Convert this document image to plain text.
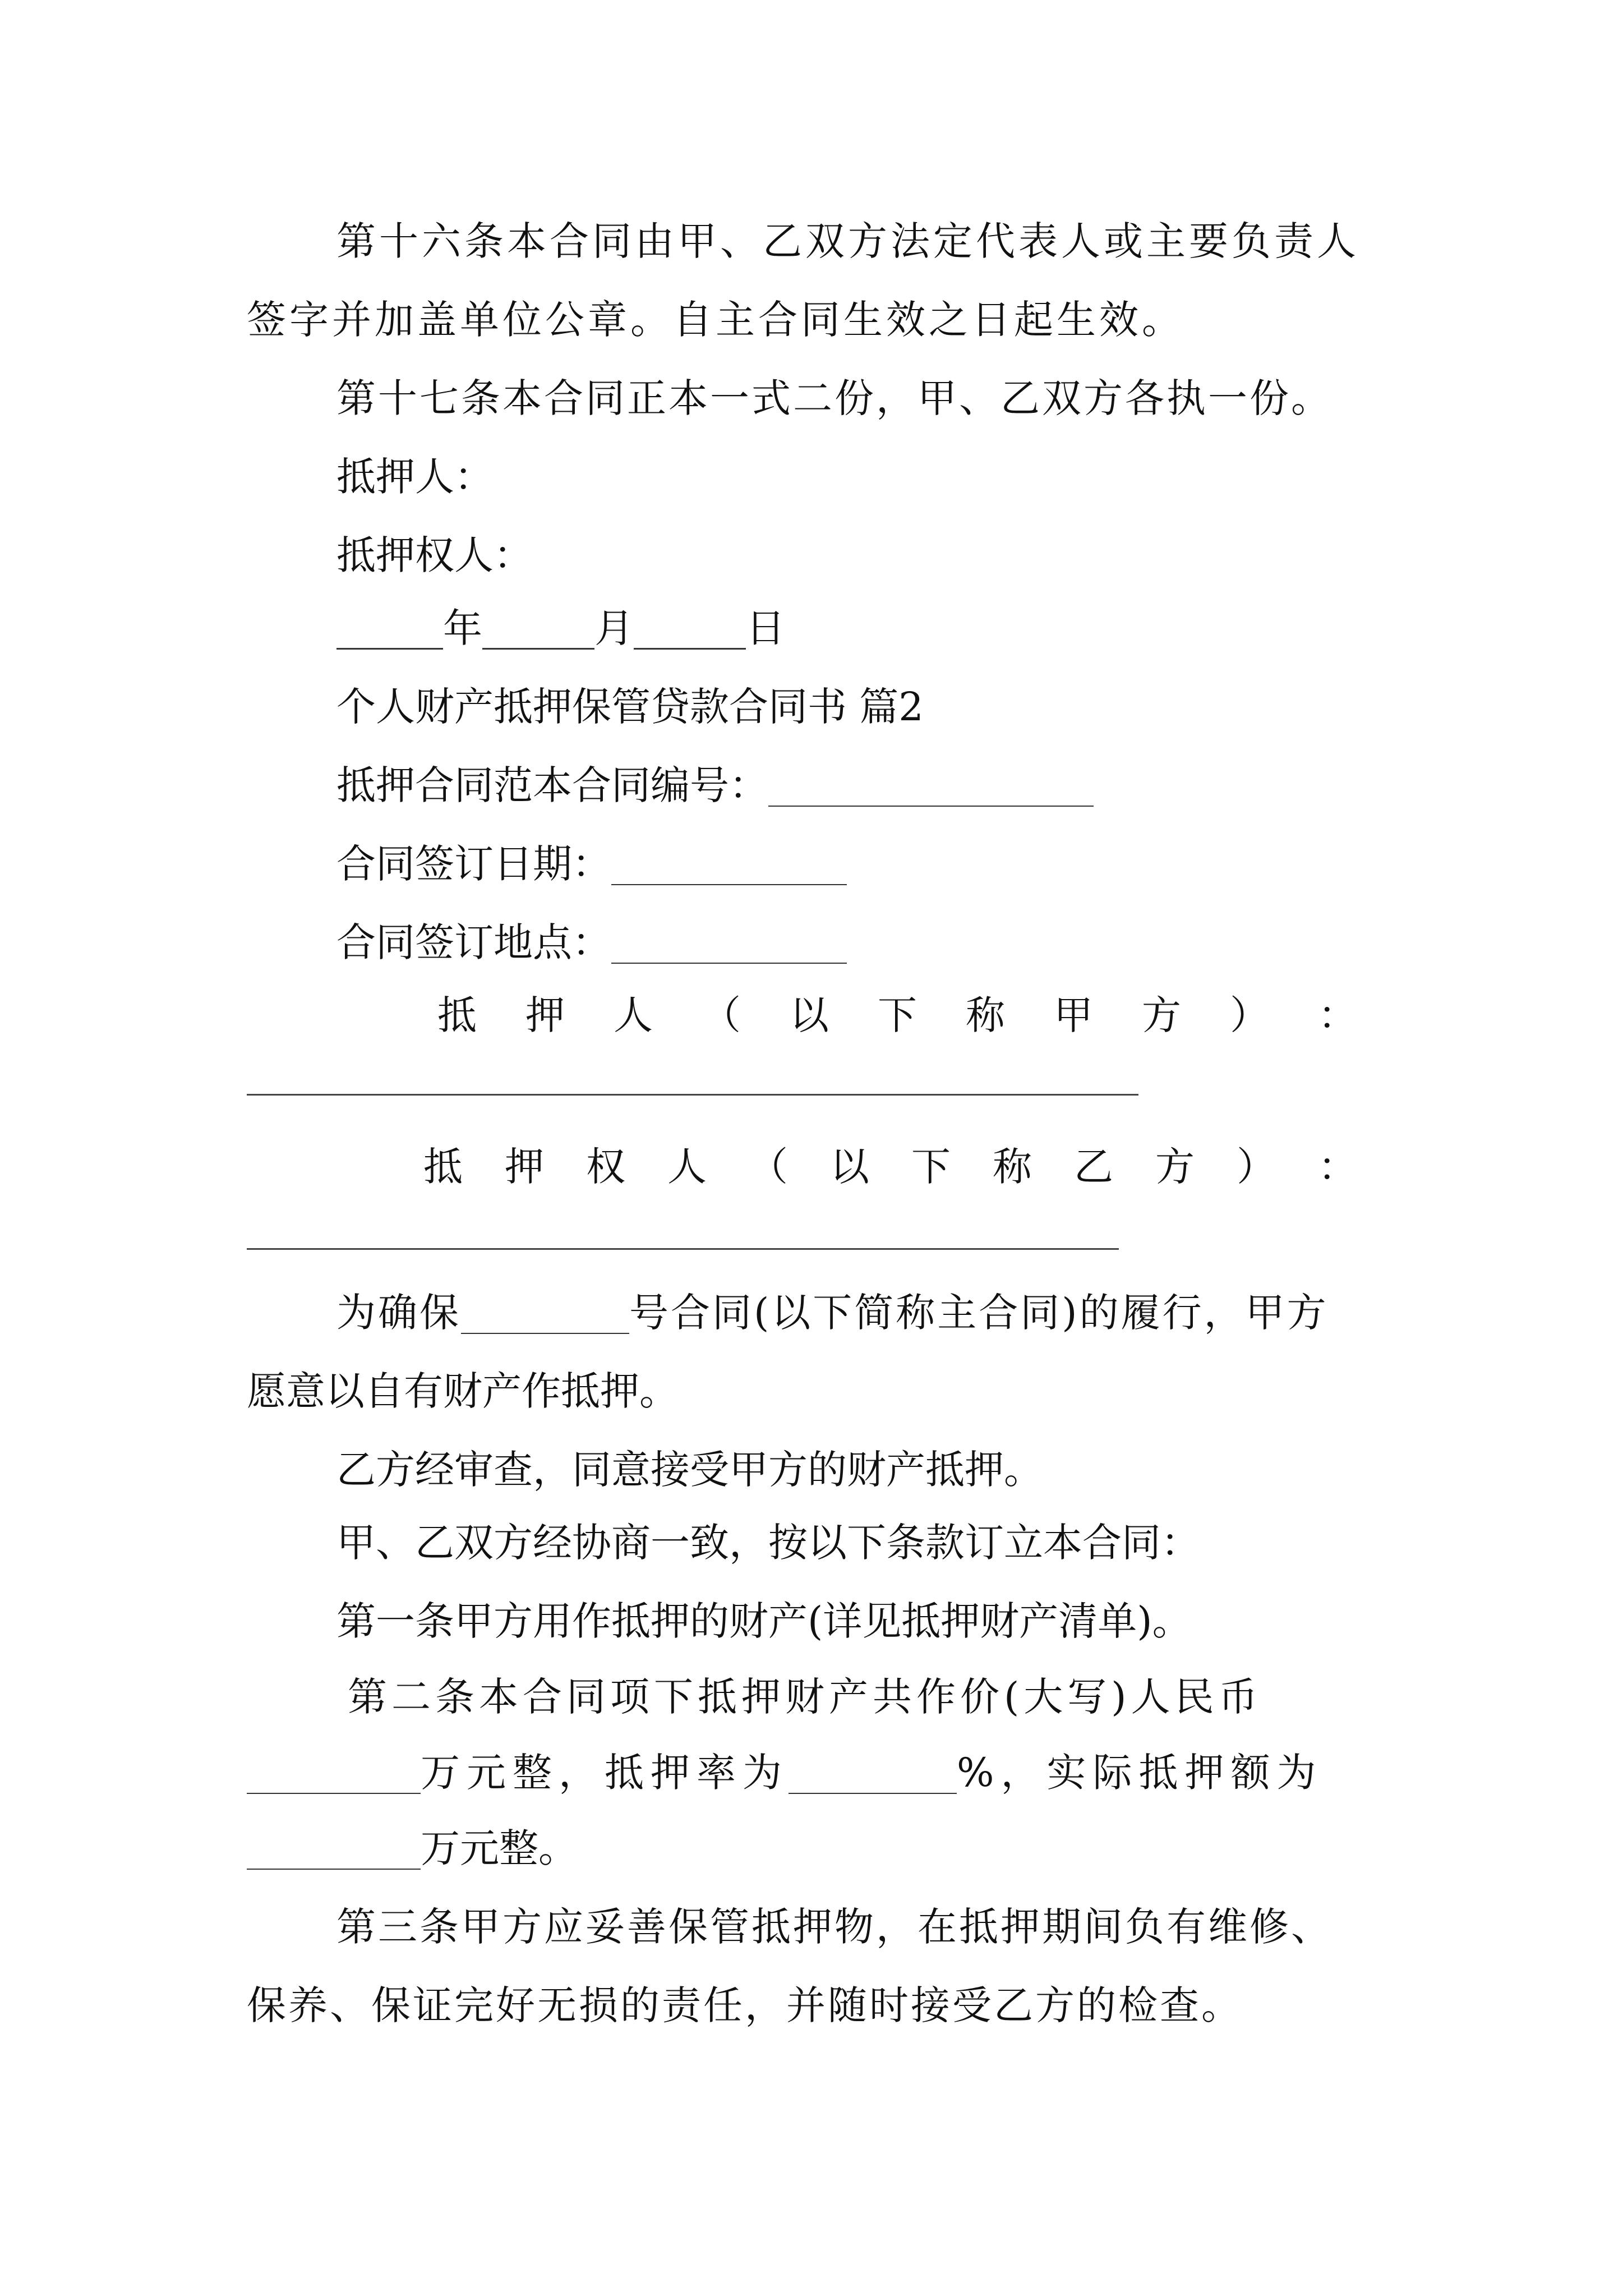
第十六条本合同由甲、乙双方法定代表人或主要负责人

签字并加盖单位公章。自主合同生效之日起生效。

第十七条本合同正本一式二份，甲、乙双方各执一份。

抵押人：

抵押权人：

年	月	日

个人财产抵押保管贷款合同书 篇2

抵押合同范本合同编号：

合同签订日期：

合同签订地点：

抵 押 人 （ 以 下 称 甲 方 ） ：
抵 押 权 人 （ 以 下 称 乙 方 ） ：

为确保	号合同(以下简称主合同)的履行，甲方

愿意以自有财产作抵押。

乙方经审查，同意接受甲方的财产抵押。

甲、乙双方经协商一致，按以下条款订立本合同：

第一条甲方用作抵押的财产(详见抵押财产清单)。

第二条本合同项下抵押财产共作价(大写)人民币

万元整，抵押率为	%，实际抵押额为

万元整。

第三条甲方应妥善保管抵押物，在抵押期间负有维修、

保养、保证完好无损的责任，并随时接受乙方的检查。
